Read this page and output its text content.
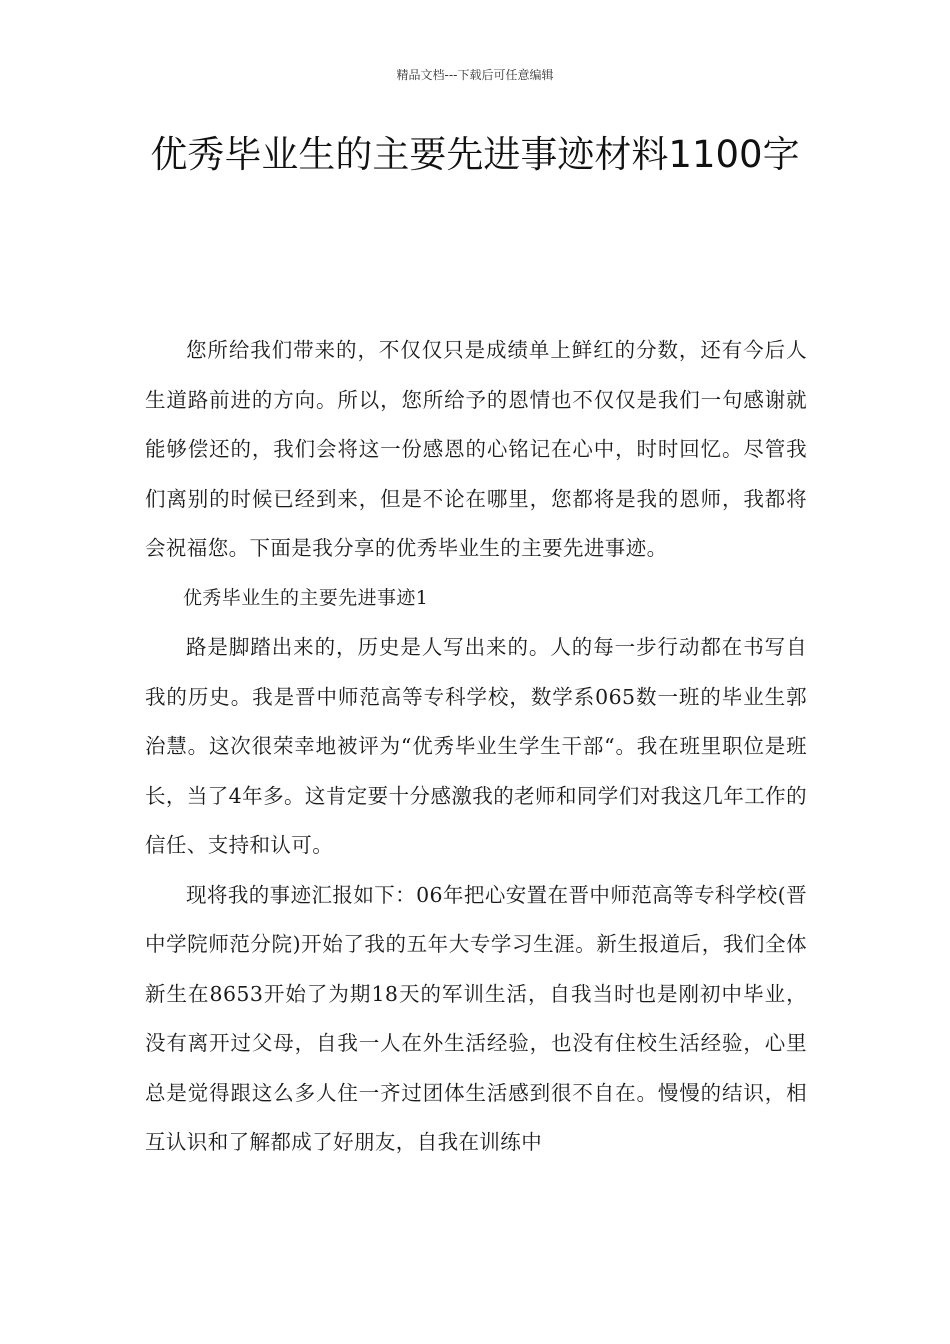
精品文档---下载后可任意编辑
优秀毕业生的主要先进事迹材料1100字

您所给我们带来的，不仅仅只是成绩单上鲜红的分数，还有今后人生道路前进的方向。所以，您所给予的恩情也不仅仅是我们一句感谢就能够偿还的，我们会将这一份感恩的心铭记在心中，时时回忆。尽管我们离别的时候已经到来，但是不论在哪里，您都将是我的恩师，我都将会祝福您。下面是我分享的优秀毕业生的主要先进事迹。

优秀毕业生的主要先进事迹1

路是脚踏出来的，历史是人写出来的。人的每一步行动都在书写自我的历史。我是晋中师范高等专科学校，数学系065数一班的毕业生郭治慧。这次很荣幸地被评为“优秀毕业生学生干部“。我在班里职位是班长，当了4年多。这肯定要十分感激我的老师和同学们对我这几年工作的信任、支持和认可。

现将我的事迹汇报如下：06年把心安置在晋中师范高等专科学校(晋中学院师范分院)开始了我的五年大专学习生涯。新生报道后，我们全体新生在8653开始了为期18天的军训生活，自我当时也是刚初中毕业，没有离开过父母，自我一人在外生活经验，也没有住校生活经验，心里总是觉得跟这么多人住一齐过团体生活感到很不自在。慢慢的结识，相互认识和了解都成了好朋友，自我在训练中
